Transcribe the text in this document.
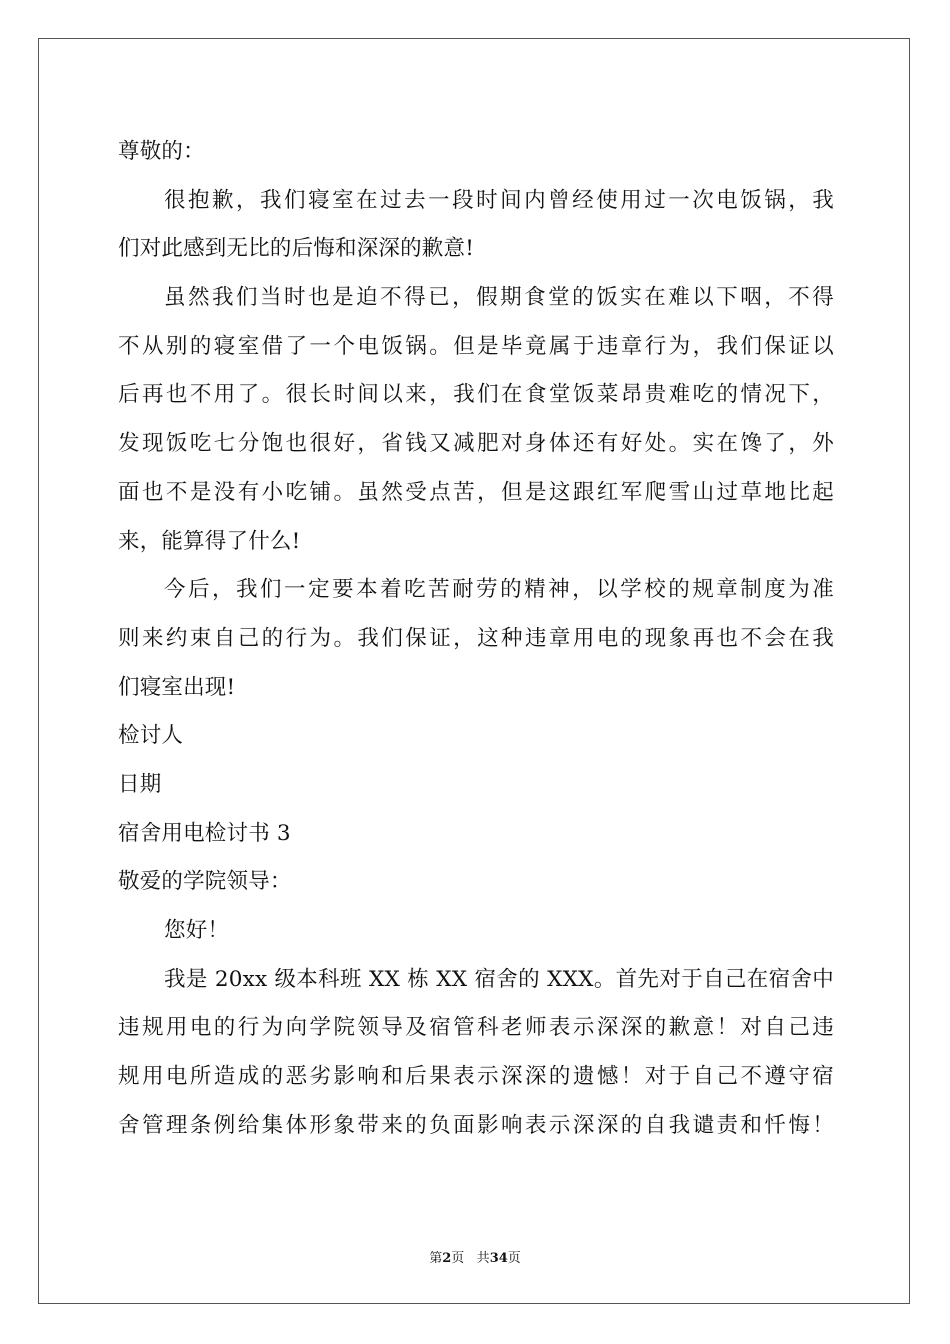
尊敬的：
很抱歉，我们寝室在过去一段时间内曾经使用过一次电饭锅，我
们对此感到无比的后悔和深深的歉意!
虽然我们当时也是迫不得已，假期食堂的饭实在难以下咽，不得
不从别的寝室借了一个电饭锅。但是毕竟属于违章行为，我们保证以
后再也不用了。很长时间以来，我们在食堂饭菜昂贵难吃的情况下，
发现饭吃七分饱也很好，省钱又减肥对身体还有好处。实在馋了，外
面也不是没有小吃铺。虽然受点苦，但是这跟红军爬雪山过草地比起
来，能算得了什么!
今后，我们一定要本着吃苦耐劳的精神，以学校的规章制度为准
则来约束自己的行为。我们保证，这种违章用电的现象再也不会在我
们寝室出现!
检讨人
日期
宿舍用电检讨书 3
敬爱的学院领导：
您好！
我是 20xx 级本科班 XX 栋 XX 宿舍的 XXX。首先对于自己在宿舍中
违规用电的行为向学院领导及宿管科老师表示深深的歉意！对自己违
规用电所造成的恶劣影响和后果表示深深的遗憾！对于自己不遵守宿
舍管理条例给集体形象带来的负面影响表示深深的自我谴责和忏悔！
第2页 共34页
